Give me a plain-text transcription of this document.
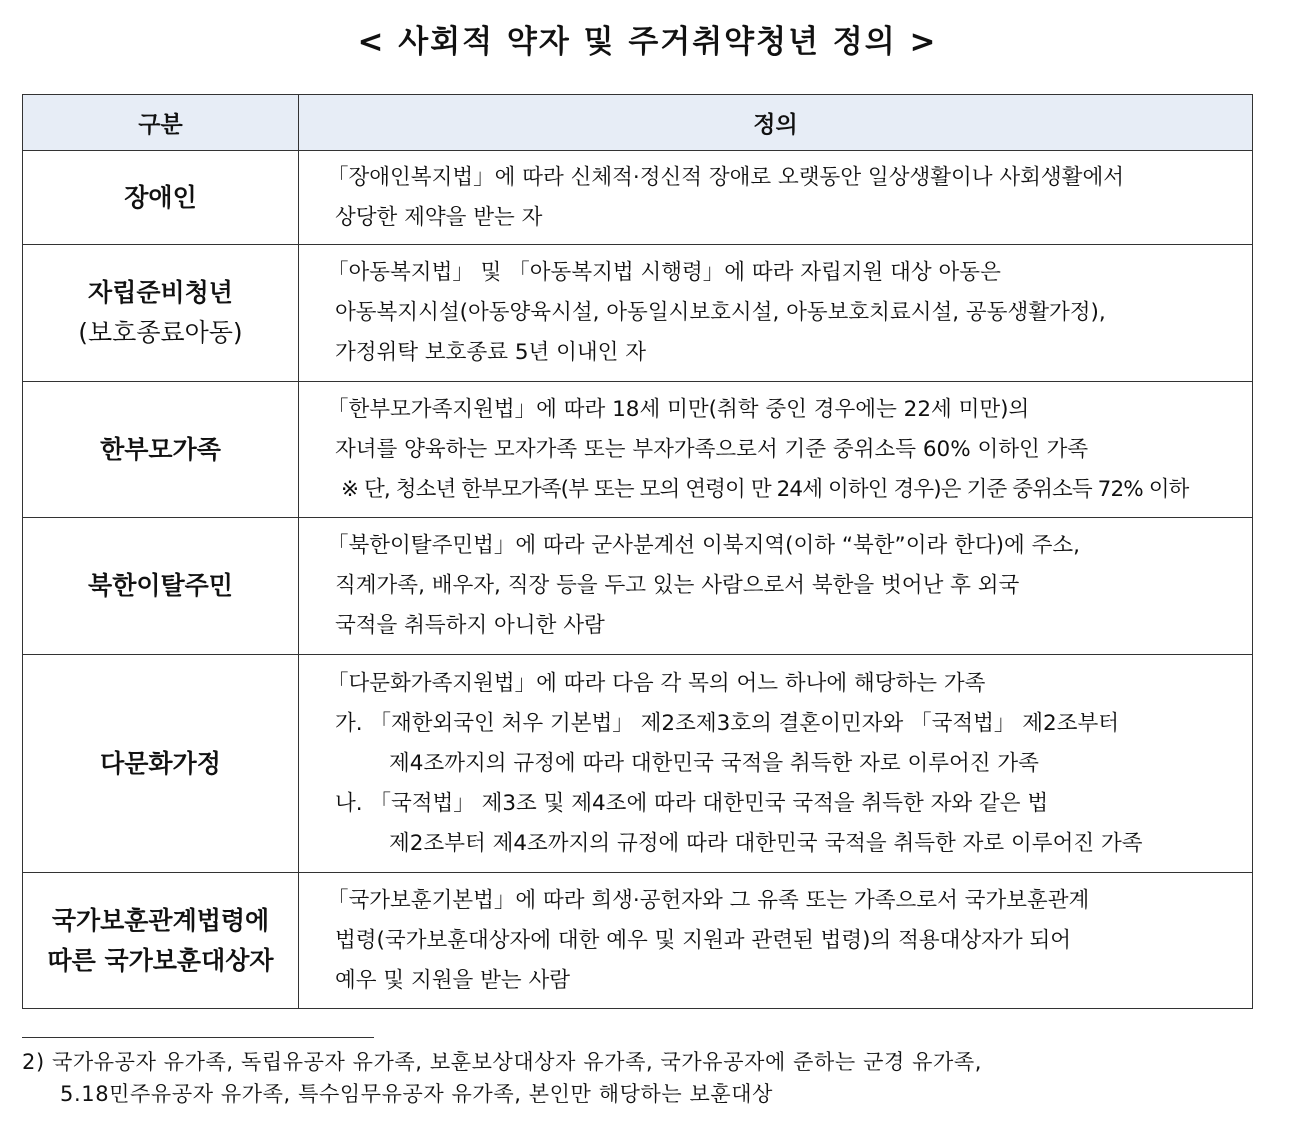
< 사회적 약자 및 주거취약청년 정의 >
구분	정의

장애인	「장애인복지법」에 따라 신체적·정신적 장애로 오랫동안 일상생활이나 사회생활에서
상당한 제약을 받는 자

자립준비청년
(보호종료아동)	「아동복지법」 및 「아동복지법 시행령」에 따라 자립지원 대상 아동은
아동복지시설(아동양육시설, 아동일시보호시설, 아동보호치료시설, 공동생활가정),
가정위탁 보호종료 5년 이내인 자

한부모가족	「한부모가족지원법」에 따라 18세 미만(취학 중인 경우에는 22세 미만)의
자녀를 양육하는 모자가족 또는 부자가족으로서 기준 중위소득 60% 이하인 가족
※ 단, 청소년 한부모가족(부 또는 모의 연령이 만 24세 이하인 경우)은 기준 중위소득 72% 이하

북한이탈주민	「북한이탈주민법」에 따라 군사분계선 이북지역(이하 “북한”이라 한다)에 주소,
직계가족, 배우자, 직장 등을 두고 있는 사람으로서 북한을 벗어난 후 외국
국적을 취득하지 아니한 사람

다문화가정	「다문화가족지원법」에 따라 다음 각 목의 어느 하나에 해당하는 가족
가. 「재한외국인 처우 기본법」 제2조제3호의 결혼이민자와 「국적법」 제2조부터
제4조까지의 규정에 따라 대한민국 국적을 취득한 자로 이루어진 가족
나. 「국적법」 제3조 및 제4조에 따라 대한민국 국적을 취득한 자와 같은 법
제2조부터 제4조까지의 규정에 따라 대한민국 국적을 취득한 자로 이루어진 가족

국가보훈관계법령에
따른 국가보훈대상자	「국가보훈기본법」에 따라 희생·공헌자와 그 유족 또는 가족으로서 국가보훈관계
법령(국가보훈대상자에 대한 예우 및 지원과 관련된 법령)의 적용대상자가 되어
예우 및 지원을 받는 사람
2) 국가유공자 유가족, 독립유공자 유가족, 보훈보상대상자 유가족, 국가유공자에 준하는 군경 유가족,
5.18민주유공자 유가족, 특수임무유공자 유가족, 본인만 해당하는 보훈대상
